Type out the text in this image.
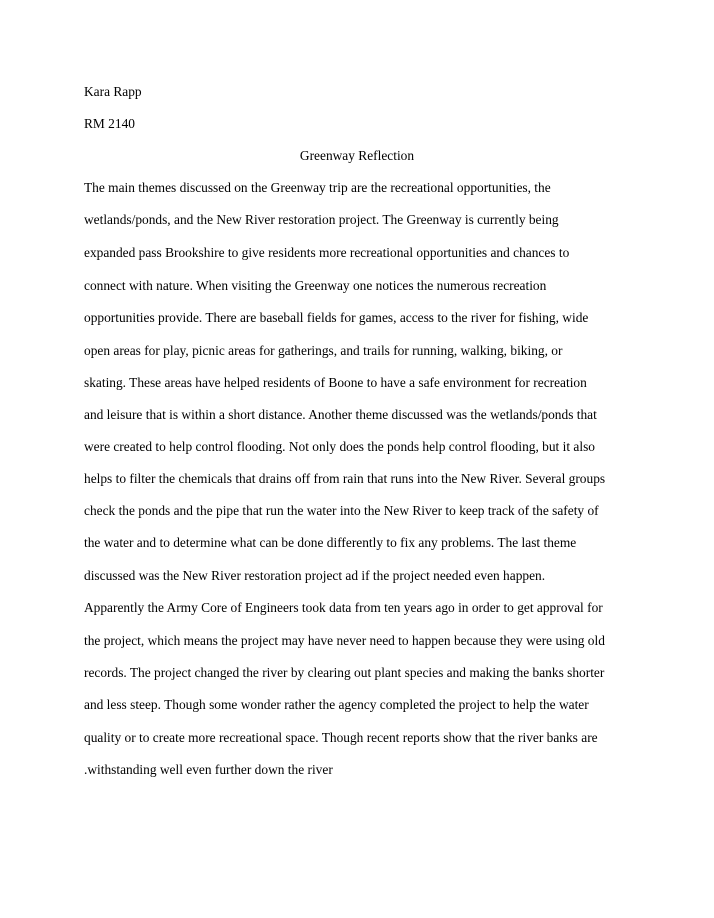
Kara Rapp
RM 2140
Greenway Reflection
The main themes discussed on the Greenway trip are the recreational opportunities, the
wetlands/ponds, and the New River restoration project. The Greenway is currently being
expanded pass Brookshire to give residents more recreational opportunities and chances to
connect with nature. When visiting the Greenway one notices the numerous recreation
opportunities provide. There are baseball fields for games, access to the river for fishing, wide
open areas for play, picnic areas for gatherings, and trails for running, walking, biking, or
skating. These areas have helped residents of Boone to have a safe environment for recreation
and leisure that is within a short distance. Another theme discussed was the wetlands/ponds that
were created to help control flooding. Not only does the ponds help control flooding, but it also
helps to filter the chemicals that drains off from rain that runs into the New River. Several groups
check the ponds and the pipe that run the water into the New River to keep track of the safety of
the water and to determine what can be done differently to fix any problems. The last theme
discussed was the New River restoration project ad if the project needed even happen.
Apparently the Army Core of Engineers took data from ten years ago in order to get approval for
the project, which means the project may have never need to happen because they were using old
records. The project changed the river by clearing out plant species and making the banks shorter
and less steep. Though some wonder rather the agency completed the project to help the water
quality or to create more recreational space. Though recent reports show that the river banks are
.withstanding well even further down the river
